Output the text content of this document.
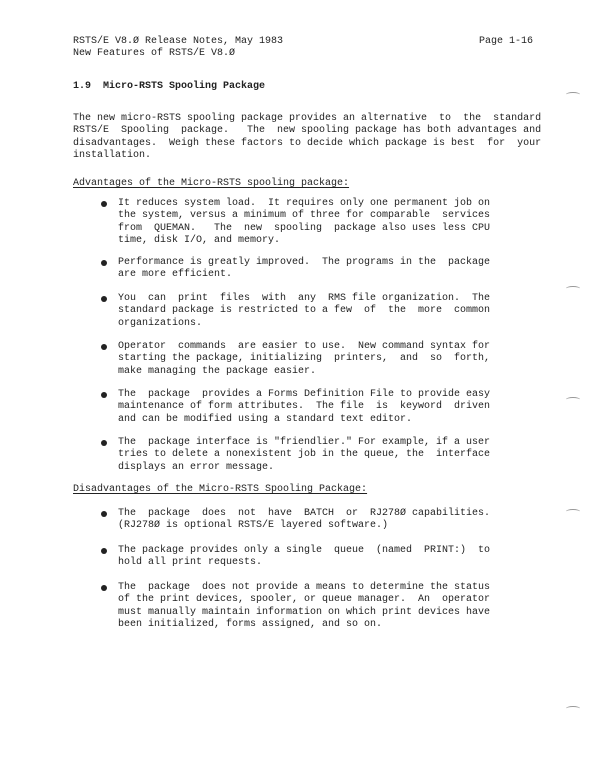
RSTS/E V8.Ø Release Notes, May 1983
New Features of RSTS/E V8.Ø
Page 1-16
1.9 Micro-RSTS Spooling Package
The new micro-RSTS spooling package provides an alternative  to  the  standard
RSTS/E  Spooling  package.   The  new spooling package has both advantages and
disadvantages.  Weigh these factors to decide which package is best  for  your
installation.
Advantages of the Micro-RSTS spooling package:
It reduces system load.  It requires only one permanent job on
the system, versus a minimum of three for comparable  services
from  QUEMAN.   The  new  spooling  package also uses less CPU
time, disk I/O, and memory.
Performance is greatly improved.  The programs in the  package
are more efficient.
You  can  print  files  with  any  RMS file organization.  The
standard package is restricted to a few  of  the  more  common
organizations.
Operator  commands  are easier to use.  New command syntax for
starting the package, initializing  printers,  and  so  forth,
make managing the package easier.
The  package  provides a Forms Definition File to provide easy
maintenance of form attributes.  The file  is  keyword  driven
and can be modified using a standard text editor.
The  package interface is "friendlier." For example, if a user
tries to delete a nonexistent job in the queue, the  interface
displays an error message.
Disadvantages of the Micro-RSTS Spooling Package:
The  package  does  not  have  BATCH  or  RJ278Ø capabilities.
(RJ278Ø is optional RSTS/E layered software.)
The package provides only a single  queue  (named  PRINT:)  to
hold all print requests.
The  package  does not provide a means to determine the status
of the print devices, spooler, or queue manager.  An  operator
must manually maintain information on which print devices have
been initialized, forms assigned, and so on.
